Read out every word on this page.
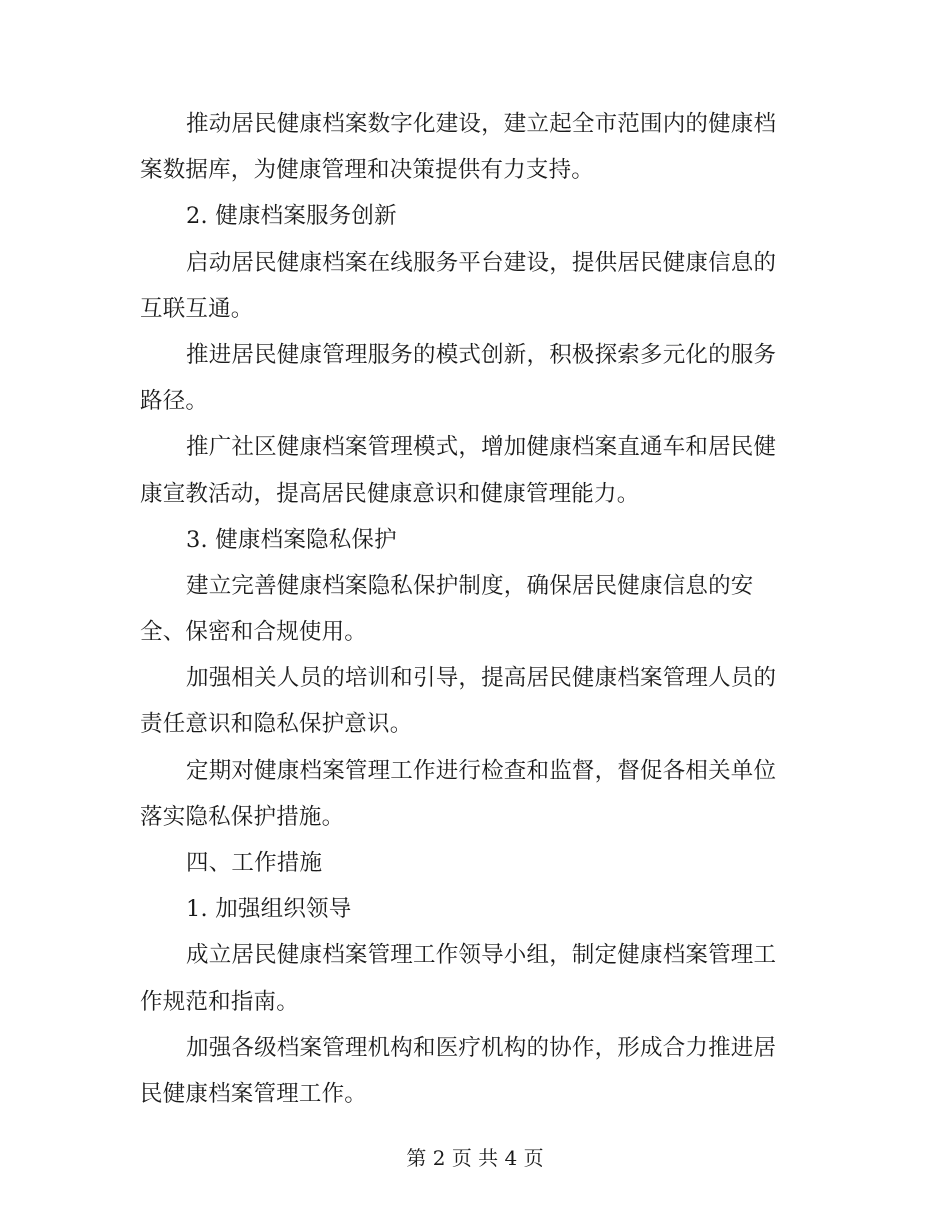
推动居民健康档案数字化建设，建立起全市范围内的健康档
案数据库，为健康管理和决策提供有力支持。
2. 健康档案服务创新
启动居民健康档案在线服务平台建设，提供居民健康信息的
互联互通。
推进居民健康管理服务的模式创新，积极探索多元化的服务
路径。
推广社区健康档案管理模式，增加健康档案直通车和居民健
康宣教活动，提高居民健康意识和健康管理能力。
3. 健康档案隐私保护
建立完善健康档案隐私保护制度，确保居民健康信息的安
全、保密和合规使用。
加强相关人员的培训和引导，提高居民健康档案管理人员的
责任意识和隐私保护意识。
定期对健康档案管理工作进行检查和监督，督促各相关单位
落实隐私保护措施。
四、工作措施
1. 加强组织领导
成立居民健康档案管理工作领导小组，制定健康档案管理工
作规范和指南。
加强各级档案管理机构和医疗机构的协作，形成合力推进居
民健康档案管理工作。
第 2 页 共 4 页
